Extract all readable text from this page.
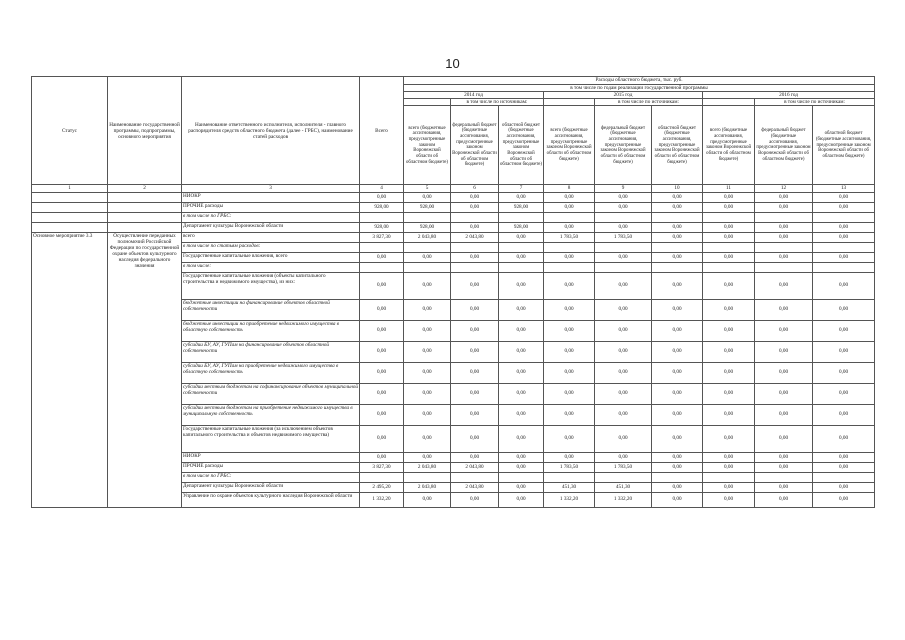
10
Статус	Наименование государственной программы, подпрограммы, основного мероприятия	Наименование ответственного исполнителя, исполнителя - главного распорядителя средств областного бюджета (далее - ГРБС), наименование статей расходов	Всего	Расходы областного бюджета, тыс. руб.								
				в том числе по годам реализации государственной программы								
				2014 год			2015 год			2016 год		
					в том числе по источникам:			в том числе по источникам:			в том числе по источникам:	
				всего (бюджетные ассигнования, предусмотренные законом Воронежской области об областном бюджете)	федеральный бюджет (бюджетные ассигнования, предусмотренные законом Воронежской области об областном бюджете)	областной бюджет (бюджетные ассигнования, предусмотренные законом Воронежской области об областном бюджете)	всего (бюджетные ассигнования, предусмотренные законом Воронежской области об областном бюджете)	федеральный бюджет (бюджетные ассигнования, предусмотренные законом Воронежской области об областном бюджете)	областной бюджет (бюджетные ассигнования, предусмотренные законом Воронежской области об областном бюджете)	всего (бюджетные ассигнования, предусмотренные законом Воронежской области об областном бюджете)	федеральный бюджет (бюджетные ассигнования, предусмотренные законом Воронежской области об областном бюджете)	областной бюджет (бюджетные ассигнования, предусмотренные законом Воронежской области об областном бюджете)
1	2	3	4	5	6	7	8	9	10	11	12	13
		НИОКР	0,00	0,00	0,00	0,00	0,00	0,00	0,00	0,00	0,00	0,00
		ПРОЧИЕ расходы	928,00	928,00	0,00	928,00	0,00	0,00	0,00	0,00	0,00	0,00
		в том числе по ГРБС:										
		Департамент культуры Воронежской области	928,00	928,00	0,00	928,00	0,00	0,00	0,00	0,00	0,00	0,00
Основное мероприятие 3.3	Осуществление переданных полномочий Российской Федерации по государственной охране объектов культурного наследия федерального значения	всего	3 827,30	2 043,80	2 043,80	0,00	1 783,50	1 783,50	0,00	0,00	0,00	0,00
		в том числе по статьям расходов:										
		Государственные капитальные вложения, всего	0,00	0,00	0,00	0,00	0,00	0,00	0,00	0,00	0,00	0,00
		в том числе:										
		Государственные капитальные вложения (объекты капитального строительства и недвижимого имущества), из них:	0,00	0,00	0,00	0,00	0,00	0,00	0,00	0,00	0,00	0,00
		бюджетные инвестиции на финансирование объектов областной собственности	0,00	0,00	0,00	0,00	0,00	0,00	0,00	0,00	0,00	0,00
		бюджетные инвестиции на приобретение недвижимого имущества в областную собственность	0,00	0,00	0,00	0,00	0,00	0,00	0,00	0,00	0,00	0,00
		субсидии БУ, АУ, ГУПам на финансирование объектов областной собственности	0,00	0,00	0,00	0,00	0,00	0,00	0,00	0,00	0,00	0,00
		субсидии БУ, АУ, ГУПам на приобретение недвижимого имущества в областную собственность	0,00	0,00	0,00	0,00	0,00	0,00	0,00	0,00	0,00	0,00
		субсидии местным бюджетам на софинансирование объектов муниципальной собственности	0,00	0,00	0,00	0,00	0,00	0,00	0,00	0,00	0,00	0,00
		субсидии местным бюджетам на приобретение недвижимого имущества в муниципальную собственность	0,00	0,00	0,00	0,00	0,00	0,00	0,00	0,00	0,00	0,00
		Государственные капитальные вложения (за исключением объектов капитального строительства и объектов недвижимого имущества)	0,00	0,00	0,00	0,00	0,00	0,00	0,00	0,00	0,00	0,00
		НИОКР	0,00	0,00	0,00	0,00	0,00	0,00	0,00	0,00	0,00	0,00
		ПРОЧИЕ расходы	3 827,30	2 043,80	2 043,80	0,00	1 783,50	1 783,50	0,00	0,00	0,00	0,00
		в том числе по ГРБС:										
		Департамент культуры Воронежской области	2 495,20	2 043,80	2 043,80	0,00	451,30	451,30	0,00	0,00	0,00	0,00
		Управление по охране объектов культурного наследия Воронежской области	1 332,20	0,00	0,00	0,00	1 332,20	1 332,20	0,00	0,00	0,00	0,00
